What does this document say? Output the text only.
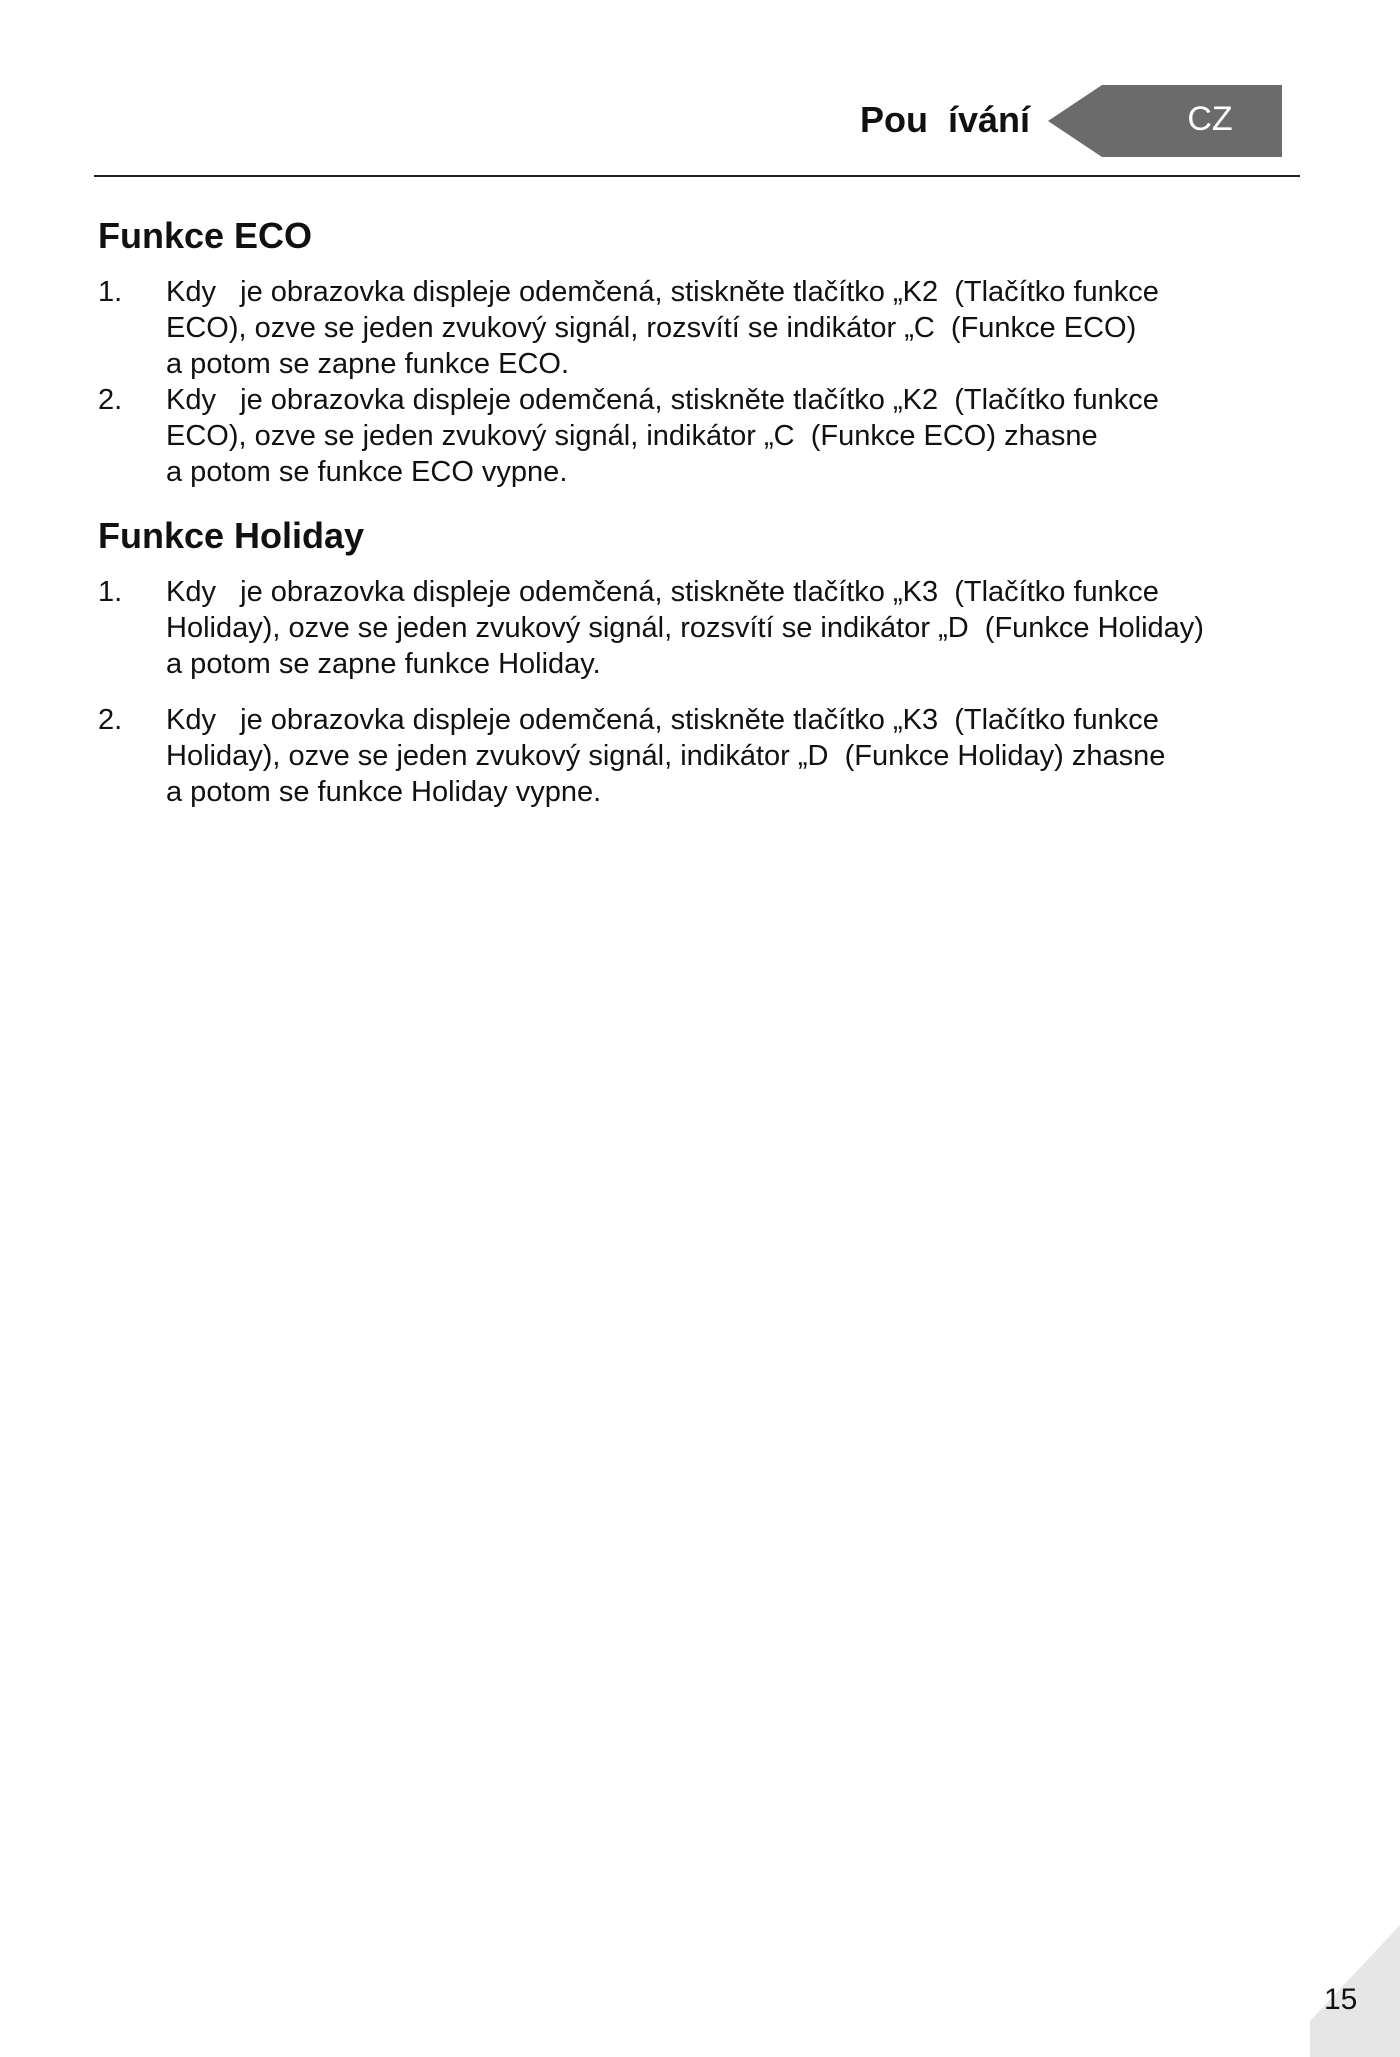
Pou  ívání	CZ
Funkce ECO
1. Kdy   je obrazovka displeje odemčená, stiskněte tlačítko „K2  (Tlačítko funkce
ECO), ozve se jeden zvukový signál, rozsvítí se indikátor „C  (Funkce ECO)
a potom se zapne funkce ECO.
2. Kdy   je obrazovka displeje odemčená, stiskněte tlačítko „K2  (Tlačítko funkce
ECO), ozve se jeden zvukový signál, indikátor „C  (Funkce ECO) zhasne
a potom se funkce ECO vypne.
Funkce Holiday
1. Kdy   je obrazovka displeje odemčená, stiskněte tlačítko „K3  (Tlačítko funkce
Holiday), ozve se jeden zvukový signál, rozsvítí se indikátor „D  (Funkce Holiday)
a potom se zapne funkce Holiday.
2. Kdy   je obrazovka displeje odemčená, stiskněte tlačítko „K3  (Tlačítko funkce
Holiday), ozve se jeden zvukový signál, indikátor „D  (Funkce Holiday) zhasne
a potom se funkce Holiday vypne.
15
